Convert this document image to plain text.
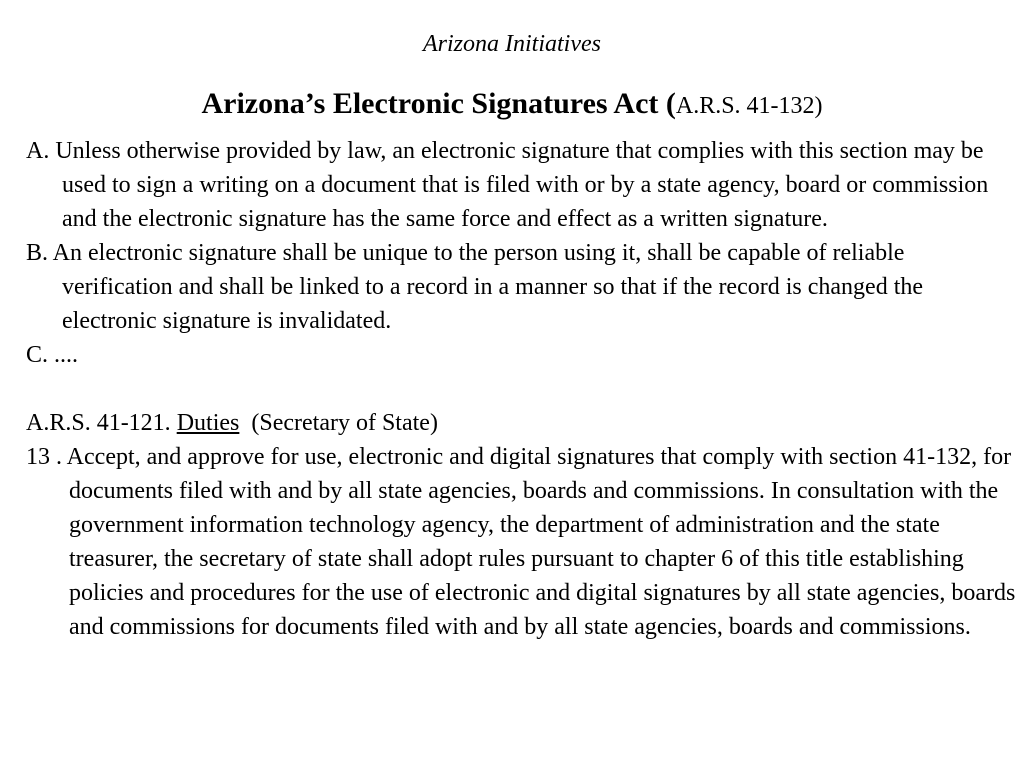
Arizona Initiatives
Arizona’s Electronic Signatures Act (A.R.S. 41-132)

A. Unless otherwise provided by law, an electronic signature that complies with this section may be used to sign a writing on a document that is filed with or by a state agency, board or commission and the electronic signature has the same force and effect as a written signature.

B. An electronic signature shall be unique to the person using it, shall be capable of reliable verification and shall be linked to a record in a manner so that if the record is changed the electronic signature is invalidated.

C. ....

A.R.S. 41-121. Duties (Secretary of State)

13 . Accept, and approve for use, electronic and digital signatures that comply with section 41-132, for documents filed with and by all state agencies, boards and commissions. In consultation with the government information technology agency, the department of administration and the state treasurer, the secretary of state shall adopt rules pursuant to chapter 6 of this title establishing policies and procedures for the use of electronic and digital signatures by all state agencies, boards and commissions for documents filed with and by all state agencies, boards and commissions.
